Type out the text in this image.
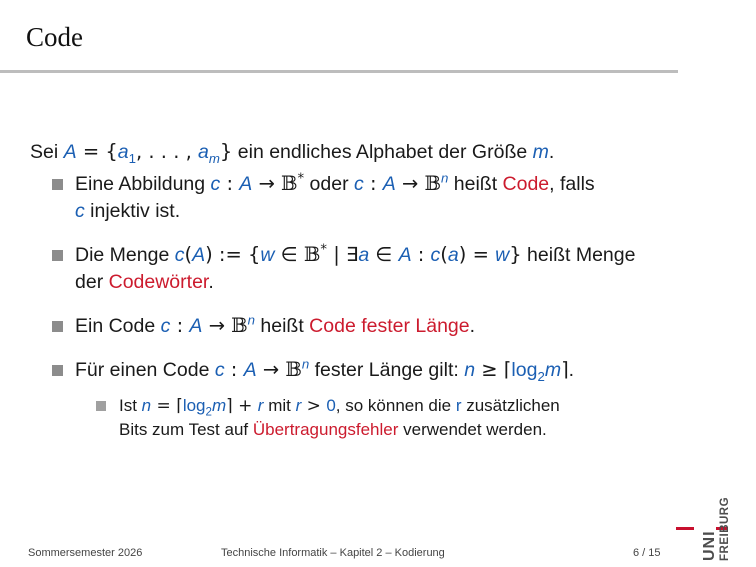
Code

Sei $A = \{a_1$, . . . , $a_m$} ein endliches Alphabet der Größe m.

Eine Abbildung c : A → 𝔹* oder c : A → 𝔹$^n$ heißt Code, falls
c injektiv ist.
Die Menge c(A) := {w ∈ 𝔹* | ∃a ∈ A : c(a) = w} heißt Menge
der Codewörter.
Ein Code c : A → 𝔹$^n$ heißt Code fester Länge.
Für einen Code c : A → 𝔹$^n$ fester Länge gilt: $n \ge ⌈\log_2m⌉$.
Ist $n = ⌈\log_2m⌉ + r$ mit r > 0, so können die r zusätzlichen
Bits zum Test auf Übertragungsfehler verwendet werden.
UNI FREIBURG
Sommersemester 2026	Technische Informatik – Kapitel 2 – Kodierung	6 / 15
